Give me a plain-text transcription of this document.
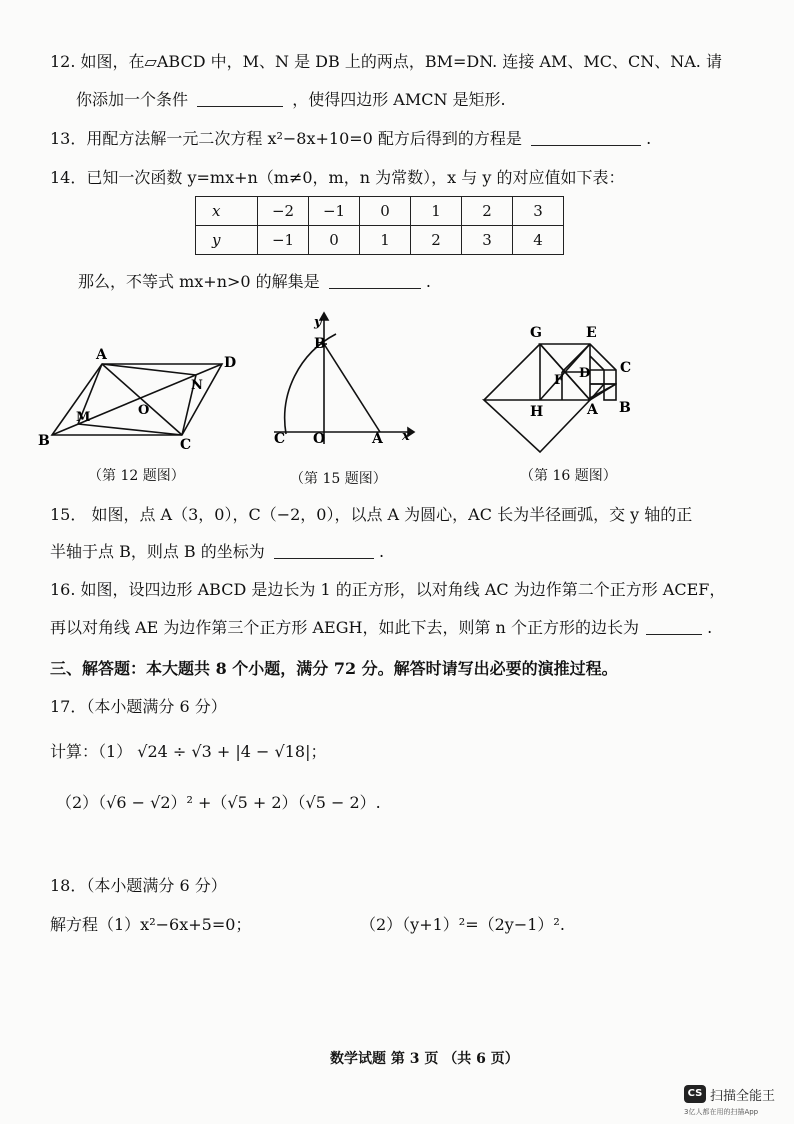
12. 如图，在▱ABCD 中，M、N 是 DB 上的两点，BM=DN. 连接 AM、MC、CN、NA. 请
你添加一个条件	，使得四边形 AMCN 是矩形.
13．用配方法解一元二次方程 x²−8x+10=0 配方后得到的方程是	.
14．已知一次函数 y=mx+n（m≠0，m，n 为常数），x 与 y 的对应值如下表：
x	−2	−1	0	1	2	3
y	−1	0	1	2	3	4
那么，不等式 mx+n>0 的解集是	.
A	D
N
O
M
B	C
（第 12 题图）
y
B
C O	A x
（第 15 题图）
G	E
C
D
F
H	A B
（第 16 题图）
15． 如图，点 A（3，0），C（−2，0），以点 A 为圆心，AC 长为半径画弧，交 y 轴的正
半轴于点 B，则点 B 的坐标为	.
16. 如图，设四边形 ABCD 是边长为 1 的正方形，以对角线 AC 为边作第二个正方形 ACEF，
再以对角线 AE 为边作第三个正方形 AEGH，如此下去，则第 n 个正方形的边长为	.
三、解答题：本大题共 8 个小题，满分 72 分。解答时请写出必要的演推过程。
17．（本小题满分 6 分）
计算：（1） √24 ÷ √3 + |4 − √18|；
（2）（√6 − √2）² +（√5 + 2）（√5 − 2）.
18．（本小题满分 6 分）
解方程（1）x²−6x+5=0；	（2）（y+1）²=（2y−1）².
数学试题 第 3 页 （共 6 页）
CS 扫描全能王
3亿人都在用的扫描App
